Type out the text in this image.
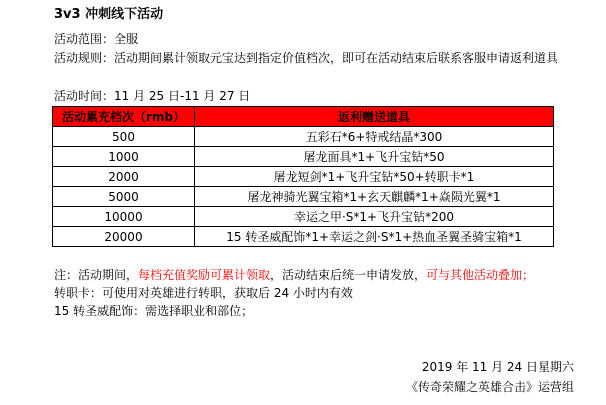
3v3 冲刺线下活动
活动范围：全服
活动规则：活动期间累计领取元宝达到指定价值档次，即可在活动结束后联系客服申请返利道具
活动时间：11 月 25 日-11 月 27 日
活动累充档次（rmb）	返利赠送道具
500	五彩石*6+特戒结晶*300
1000	屠龙面具*1+飞升宝钻*50
2000	屠龙短剑*1+飞升宝钻*50+转职卡*1
5000	屠龙神骑光翼宝箱*1+玄天麒麟*1+焱陨光翼*1
10000	幸运之甲·S*1+飞升宝钻*200
20000	15 转圣威配饰*1+幸运之剑·S*1+热血圣翼圣骑宝箱*1
注：活动期间，每档充值奖励可累计领取，活动结束后统一申请发放，可与其他活动叠加；
转职卡：可使用对英雄进行转职，获取后 24 小时内有效
15 转圣威配饰：需选择职业和部位；
2019 年 11 月 24 日星期六
《传奇荣耀之英雄合击》运营组
